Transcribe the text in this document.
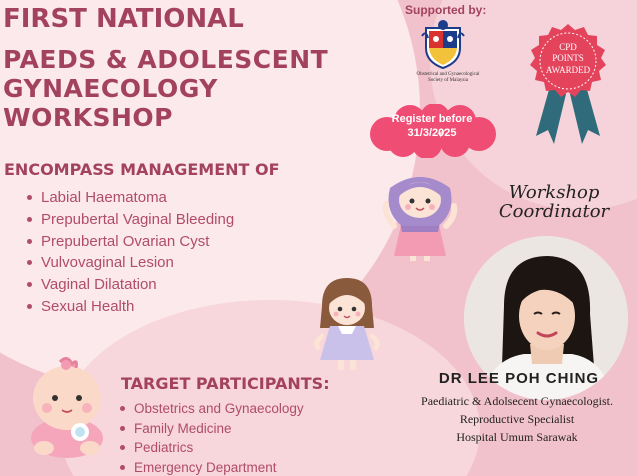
FIRST NATIONAL
PAEDS & ADOLESCENT
GYNAECOLOGY
WORKSHOP
ENCOMPASS MANAGEMENT OF
Labial Haematoma
Prepubertal Vaginal Bleeding
Prepubertal Ovarian Cyst
Vulvovaginal Lesion
Vaginal Dilatation
Sexual Health
TARGET PARTICIPANTS:
Obstetrics and Gynaecology
Family Medicine
Pediatrics
Emergency Department
Supported by:
Obstetrical and Gynaecological
Society of Malaysia
CPD
POINTS
AWARDED
Register before
31/3/2025
Workshop
Coordinator
DR LEE POH CHING
Paediatric & Adolsecent Gynaecologist.
Reproductive Specialist
Hospital Umum Sarawak
